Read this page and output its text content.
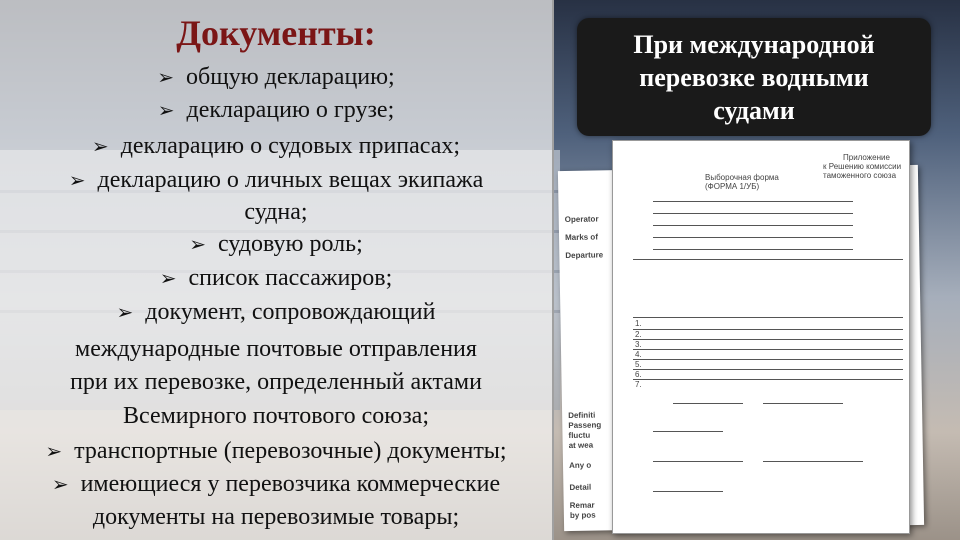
Документы:
➢ общую декларацию;
➢ декларацию о грузе;
➢ декларацию о судовых припасах;
➢ декларацию о личных вещах экипажа
судна;
➢ судовую роль;
➢ список пассажиров;
➢ документ, сопровождающий
международные почтовые отправления
при их перевозке, определенный актами
Всемирного почтового союза;
➢ транспортные (перевозочные) документы;
➢ имеющиеся у перевозчика коммерческие
документы на перевозимые товары;
При международной
перевозке водными
судами
Operator
Marks of
Departure
Definiti
Passeng
fluctu
at wea
Any o
Detail
Remar
by pos
Приложение
к Решению комиссии
таможенного союза
Выборочная форма
(ФОРМА 1/УБ)
1.
2.
3.
4.
5.
6.
7.
